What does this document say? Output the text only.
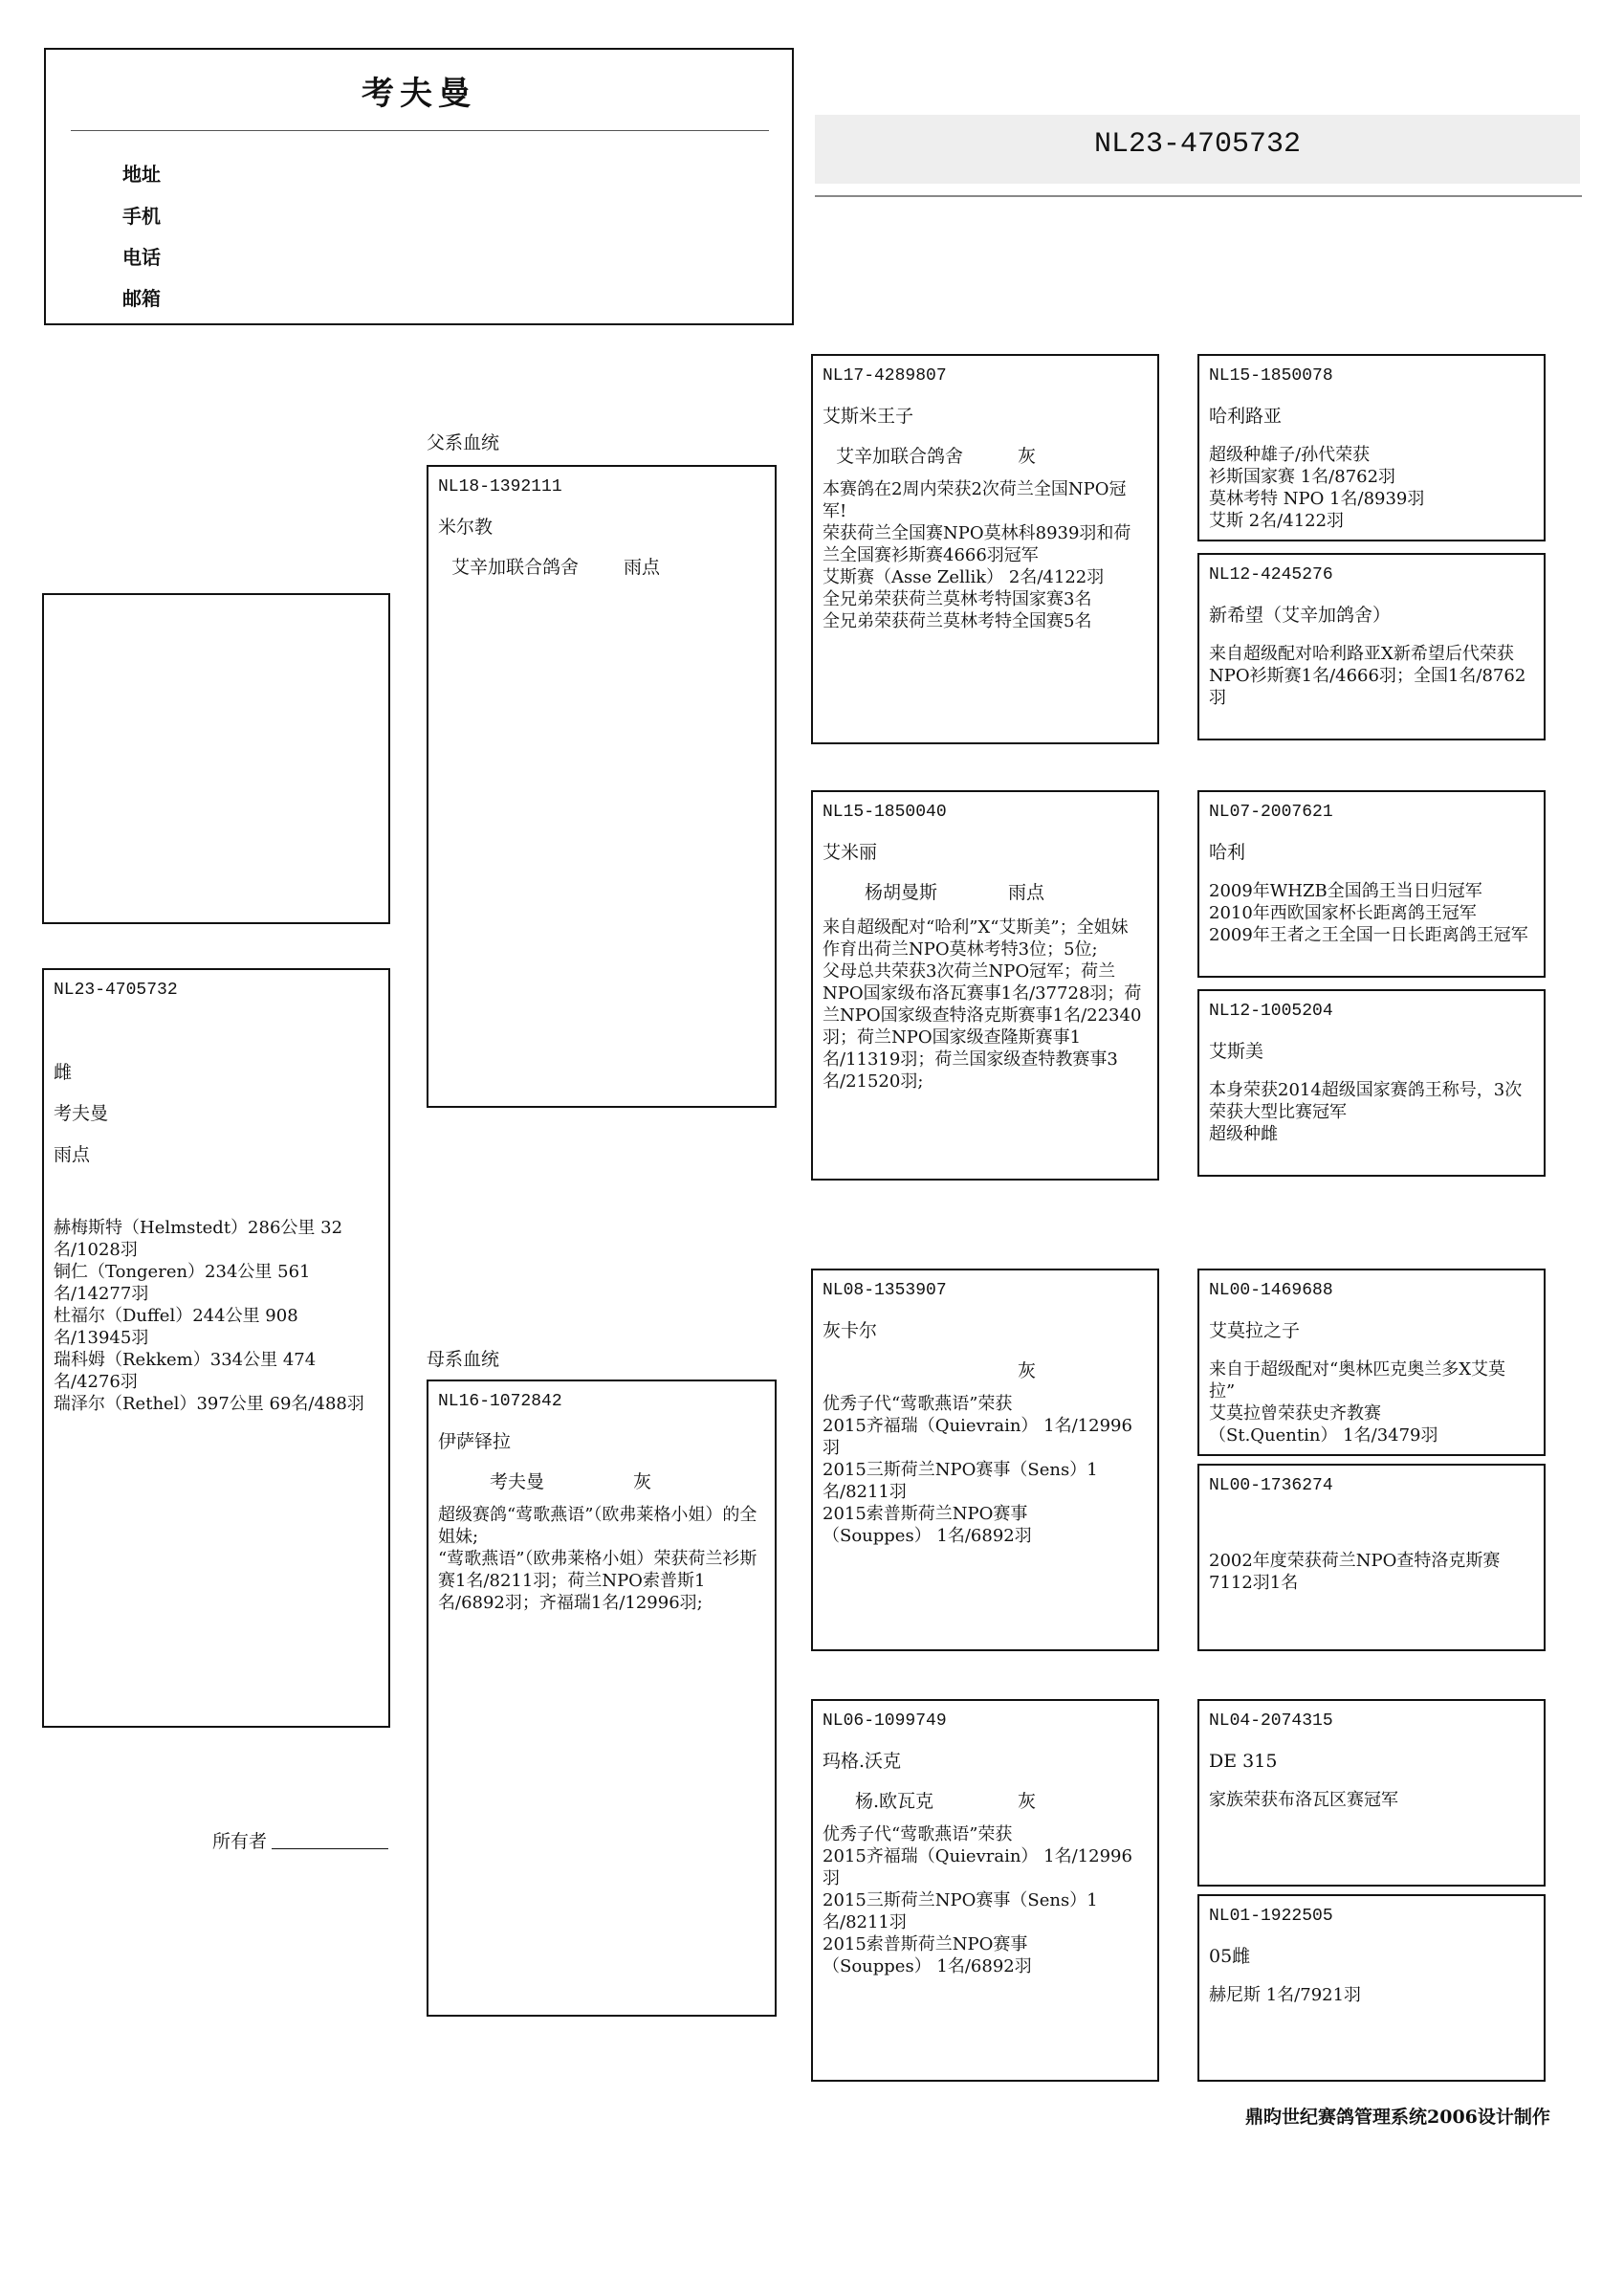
考夫曼
地址
手机
电话
邮箱
NL23-4705732
NL23-4705732
雌
考夫曼
雨点
赫梅斯特（Helmstedt）286公里 32名/1028羽
铜仁（Tongeren）234公里 561名/14277羽
杜福尔（Duffel）244公里 908名/13945羽
瑞科姆（Rekkem）334公里 474名/4276羽
瑞泽尔（Rethel）397公里 69名/488羽
父系血统
母系血统
NL18-1392111
米尔教
艾辛加联合鸽舍 雨点
NL16-1072842
伊萨铎拉
考夫曼	灰
超级赛鸽“莺歌燕语”（欧弗莱格小姐）的全姐妹;
“莺歌燕语”（欧弗莱格小姐）荣获荷兰衫斯赛1名/8211羽；荷兰NPO索普斯1名/6892羽；齐福瑞1名/12996羽;
NL17-4289807
艾斯米王子
艾辛加联合鸽舍	灰
本赛鸽在2周内荣获2次荷兰全国NPO冠军!
荣获荷兰全国赛NPO莫林科8939羽和荷兰全国赛衫斯赛4666羽冠军
艾斯赛（Asse Zellik） 2名/4122羽
全兄弟荣获荷兰莫林考特国家赛3名
全兄弟荣获荷兰莫林考特全国赛5名
NL15-1850040
艾米丽
杨胡曼斯	雨点
来自超级配对“哈利”X“艾斯美”；全姐妹作育出荷兰NPO莫林考特3位；5位;
父母总共荣获3次荷兰NPO冠军；荷兰NPO国家级布洛瓦赛事1名/37728羽；荷兰NPO国家级查特洛克斯赛事1名/22340羽；荷兰NPO国家级查隆斯赛事1名/11319羽；荷兰国家级查特教赛事3名/21520羽;
NL08-1353907
灰卡尔
灰
优秀子代“莺歌燕语”荣获
2015齐福瑞（Quievrain） 1名/12996羽
2015三斯荷兰NPO赛事（Sens）1名/8211羽
2015索普斯荷兰NPO赛事
（Souppes） 1名/6892羽
NL06-1099749
玛格.沃克
杨.欧瓦克	灰
优秀子代“莺歌燕语”荣获
2015齐福瑞（Quievrain） 1名/12996羽
2015三斯荷兰NPO赛事（Sens）1名/8211羽
2015索普斯荷兰NPO赛事
（Souppes） 1名/6892羽
NL15-1850078
哈利路亚
超级种雄子/孙代荣获
衫斯国家赛 1名/8762羽
莫林考特 NPO 1名/8939羽
艾斯 2名/4122羽
NL12-4245276
新希望（艾辛加鸽舍）
来自超级配对哈利路亚X新希望后代荣获
NPO衫斯赛1名/4666羽；全国1名/8762羽
NL07-2007621
哈利
2009年WHZB全国鸽王当日归冠军
2010年西欧国家杯长距离鸽王冠军
2009年王者之王全国一日长距离鸽王冠军
NL12-1005204
艾斯美
本身荣获2014超级国家赛鸽王称号，3次荣获大型比赛冠军
超级种雌
NL00-1469688
艾莫拉之子
来自于超级配对“奥林匹克奥兰多X艾莫拉”
艾莫拉曾荣获史齐教赛
（St.Quentin） 1名/3479羽
NL00-1736274
2002年度荣获荷兰NPO查特洛克斯赛7112羽1名
NL04-2074315
DE 315
家族荣获布洛瓦区赛冠军
NL01-1922505
05雌
赫尼斯 1名/7921羽
所有者
鼎昀世纪赛鸽管理系统2006设计制作
